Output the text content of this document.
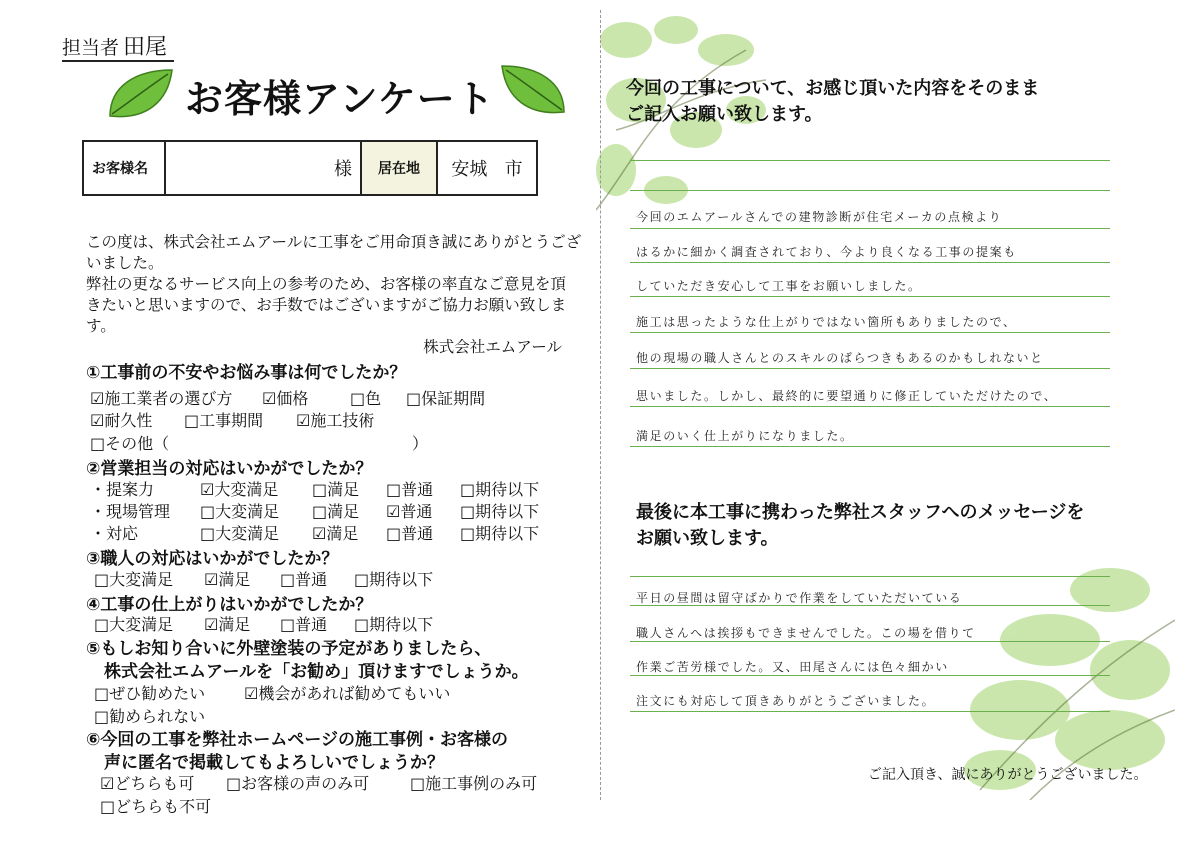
担当者 田尾
お客様アンケート
お客様名	様	居在地	安城 市
この度は、株式会社エムアールに工事をご用命頂き誠にありがとうござ
いました。
弊社の更なるサービス向上の参考のため、お客様の率直なご意見を頂
きたいと思いますので、お手数ではございますがご協力お願い致します。
株式会社エムアール
①工事前の不安やお悩み事は何でしたか？
☑施工業者の選び方 ☑価格	□色 □保証期間
☑耐久性 □工事期間 ☑施工技術
□その他（	）
②営業担当の対応はいかがでしたか？
・提案力	☑大変満足 □満足 □普通 □期待以下
・現場管理 □大変満足 □満足 ☑普通 □期待以下
・対応	□大変満足 ☑満足 □普通 □期待以下
③職人の対応はいかがでしたか？
□大変満足 ☑満足 □普通 □期待以下
④工事の仕上がりはいかがでしたか？
□大変満足 ☑満足 □普通 □期待以下
⑤もしお知り合いに外壁塗装の予定がありましたら、
株式会社エムアールを「お勧め」頂けますでしょうか。
□ぜひ勧めたい ☑機会があれば勧めてもいい
□勧められない
⑥今回の工事を弊社ホームページの施工事例・お客様の
声に匿名で掲載してもよろしいでしょうか？
☑どちらも可 □お客様の声のみ可	□施工事例のみ可
□どちらも不可
今回の工事について、お感じ頂いた内容をそのまま
ご記入お願い致します。
今回のエムアールさんでの建物診断が住宅メーカの点検より
はるかに細かく調査されており、今より良くなる工事の提案も
していただき安心して工事をお願いしました。
施工は思ったような仕上がりではない箇所もありましたので、
他の現場の職人さんとのスキルのばらつきもあるのかもしれないと
思いました。しかし、最終的に要望通りに修正していただけたので、
満足のいく仕上がりになりました。
最後に本工事に携わった弊社スタッフへのメッセージを
お願い致します。
平日の昼間は留守ばかりで作業をしていただいている
職人さんへは挨拶もできませんでした。この場を借りて
作業ご苦労様でした。又、田尾さんには色々細かい
注文にも対応して頂きありがとうございました。
ご記入頂き、誠にありがとうございました。
